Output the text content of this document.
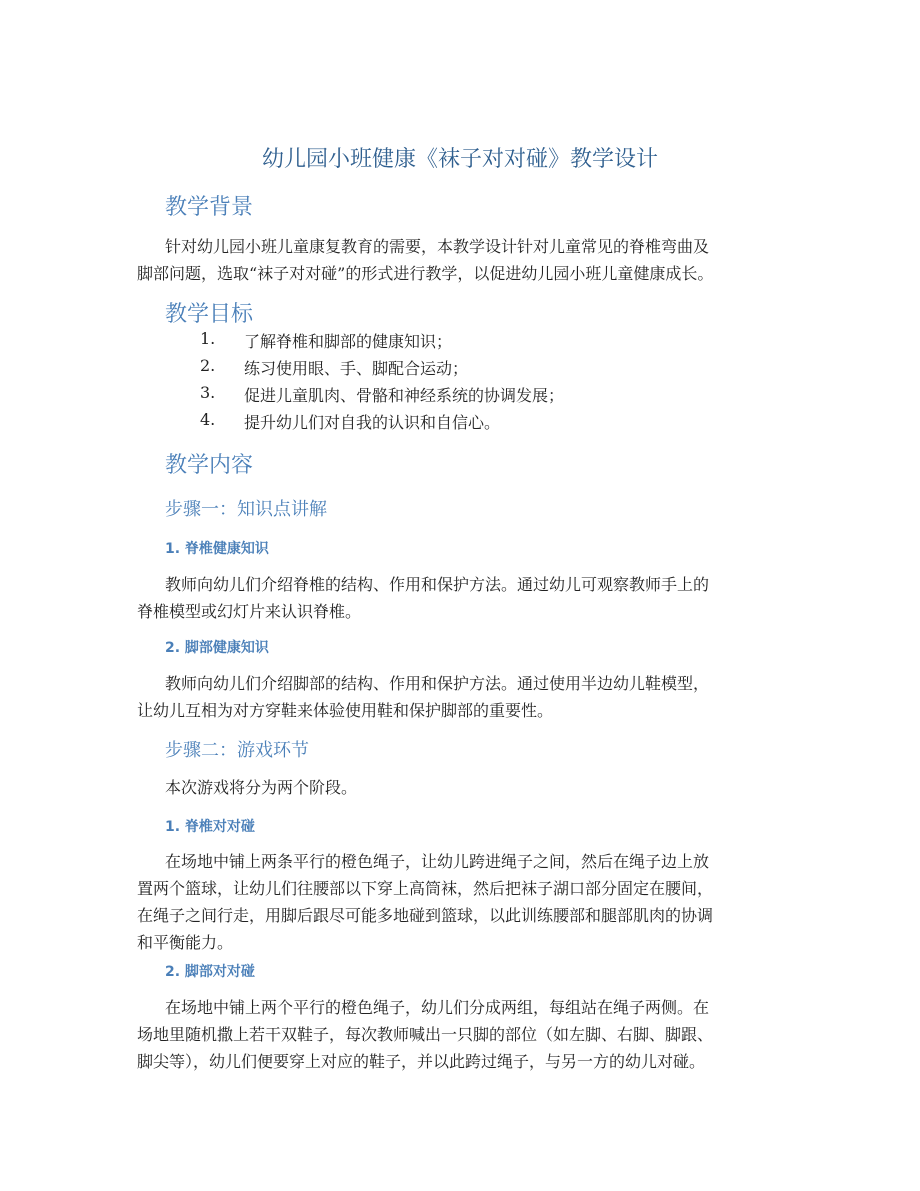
幼儿园小班健康《袜子对对碰》教学设计
教学背景
针对幼儿园小班儿童康复教育的需要，本教学设计针对儿童常见的脊椎弯曲及
脚部问题，选取“袜子对对碰”的形式进行教学，以促进幼儿园小班儿童健康成长。
教学目标
1. 了解脊椎和脚部的健康知识；
2. 练习使用眼、手、脚配合运动；
3. 促进儿童肌肉、骨骼和神经系统的协调发展；
4. 提升幼儿们对自我的认识和自信心。
教学内容
步骤一：知识点讲解
1. 脊椎健康知识
教师向幼儿们介绍脊椎的结构、作用和保护方法。通过幼儿可观察教师手上的
脊椎模型或幻灯片来认识脊椎。
2. 脚部健康知识
教师向幼儿们介绍脚部的结构、作用和保护方法。通过使用半边幼儿鞋模型，
让幼儿互相为对方穿鞋来体验使用鞋和保护脚部的重要性。
步骤二：游戏环节
本次游戏将分为两个阶段。
1. 脊椎对对碰
在场地中铺上两条平行的橙色绳子，让幼儿跨进绳子之间，然后在绳子边上放
置两个篮球，让幼儿们往腰部以下穿上高筒袜，然后把袜子湖口部分固定在腰间，
在绳子之间行走，用脚后跟尽可能多地碰到篮球，以此训练腰部和腿部肌肉的协调
和平衡能力。
2. 脚部对对碰
在场地中铺上两个平行的橙色绳子，幼儿们分成两组，每组站在绳子两侧。在
场地里随机撒上若干双鞋子，每次教师喊出一只脚的部位（如左脚、右脚、脚跟、
脚尖等），幼儿们便要穿上对应的鞋子，并以此跨过绳子，与另一方的幼儿对碰。
